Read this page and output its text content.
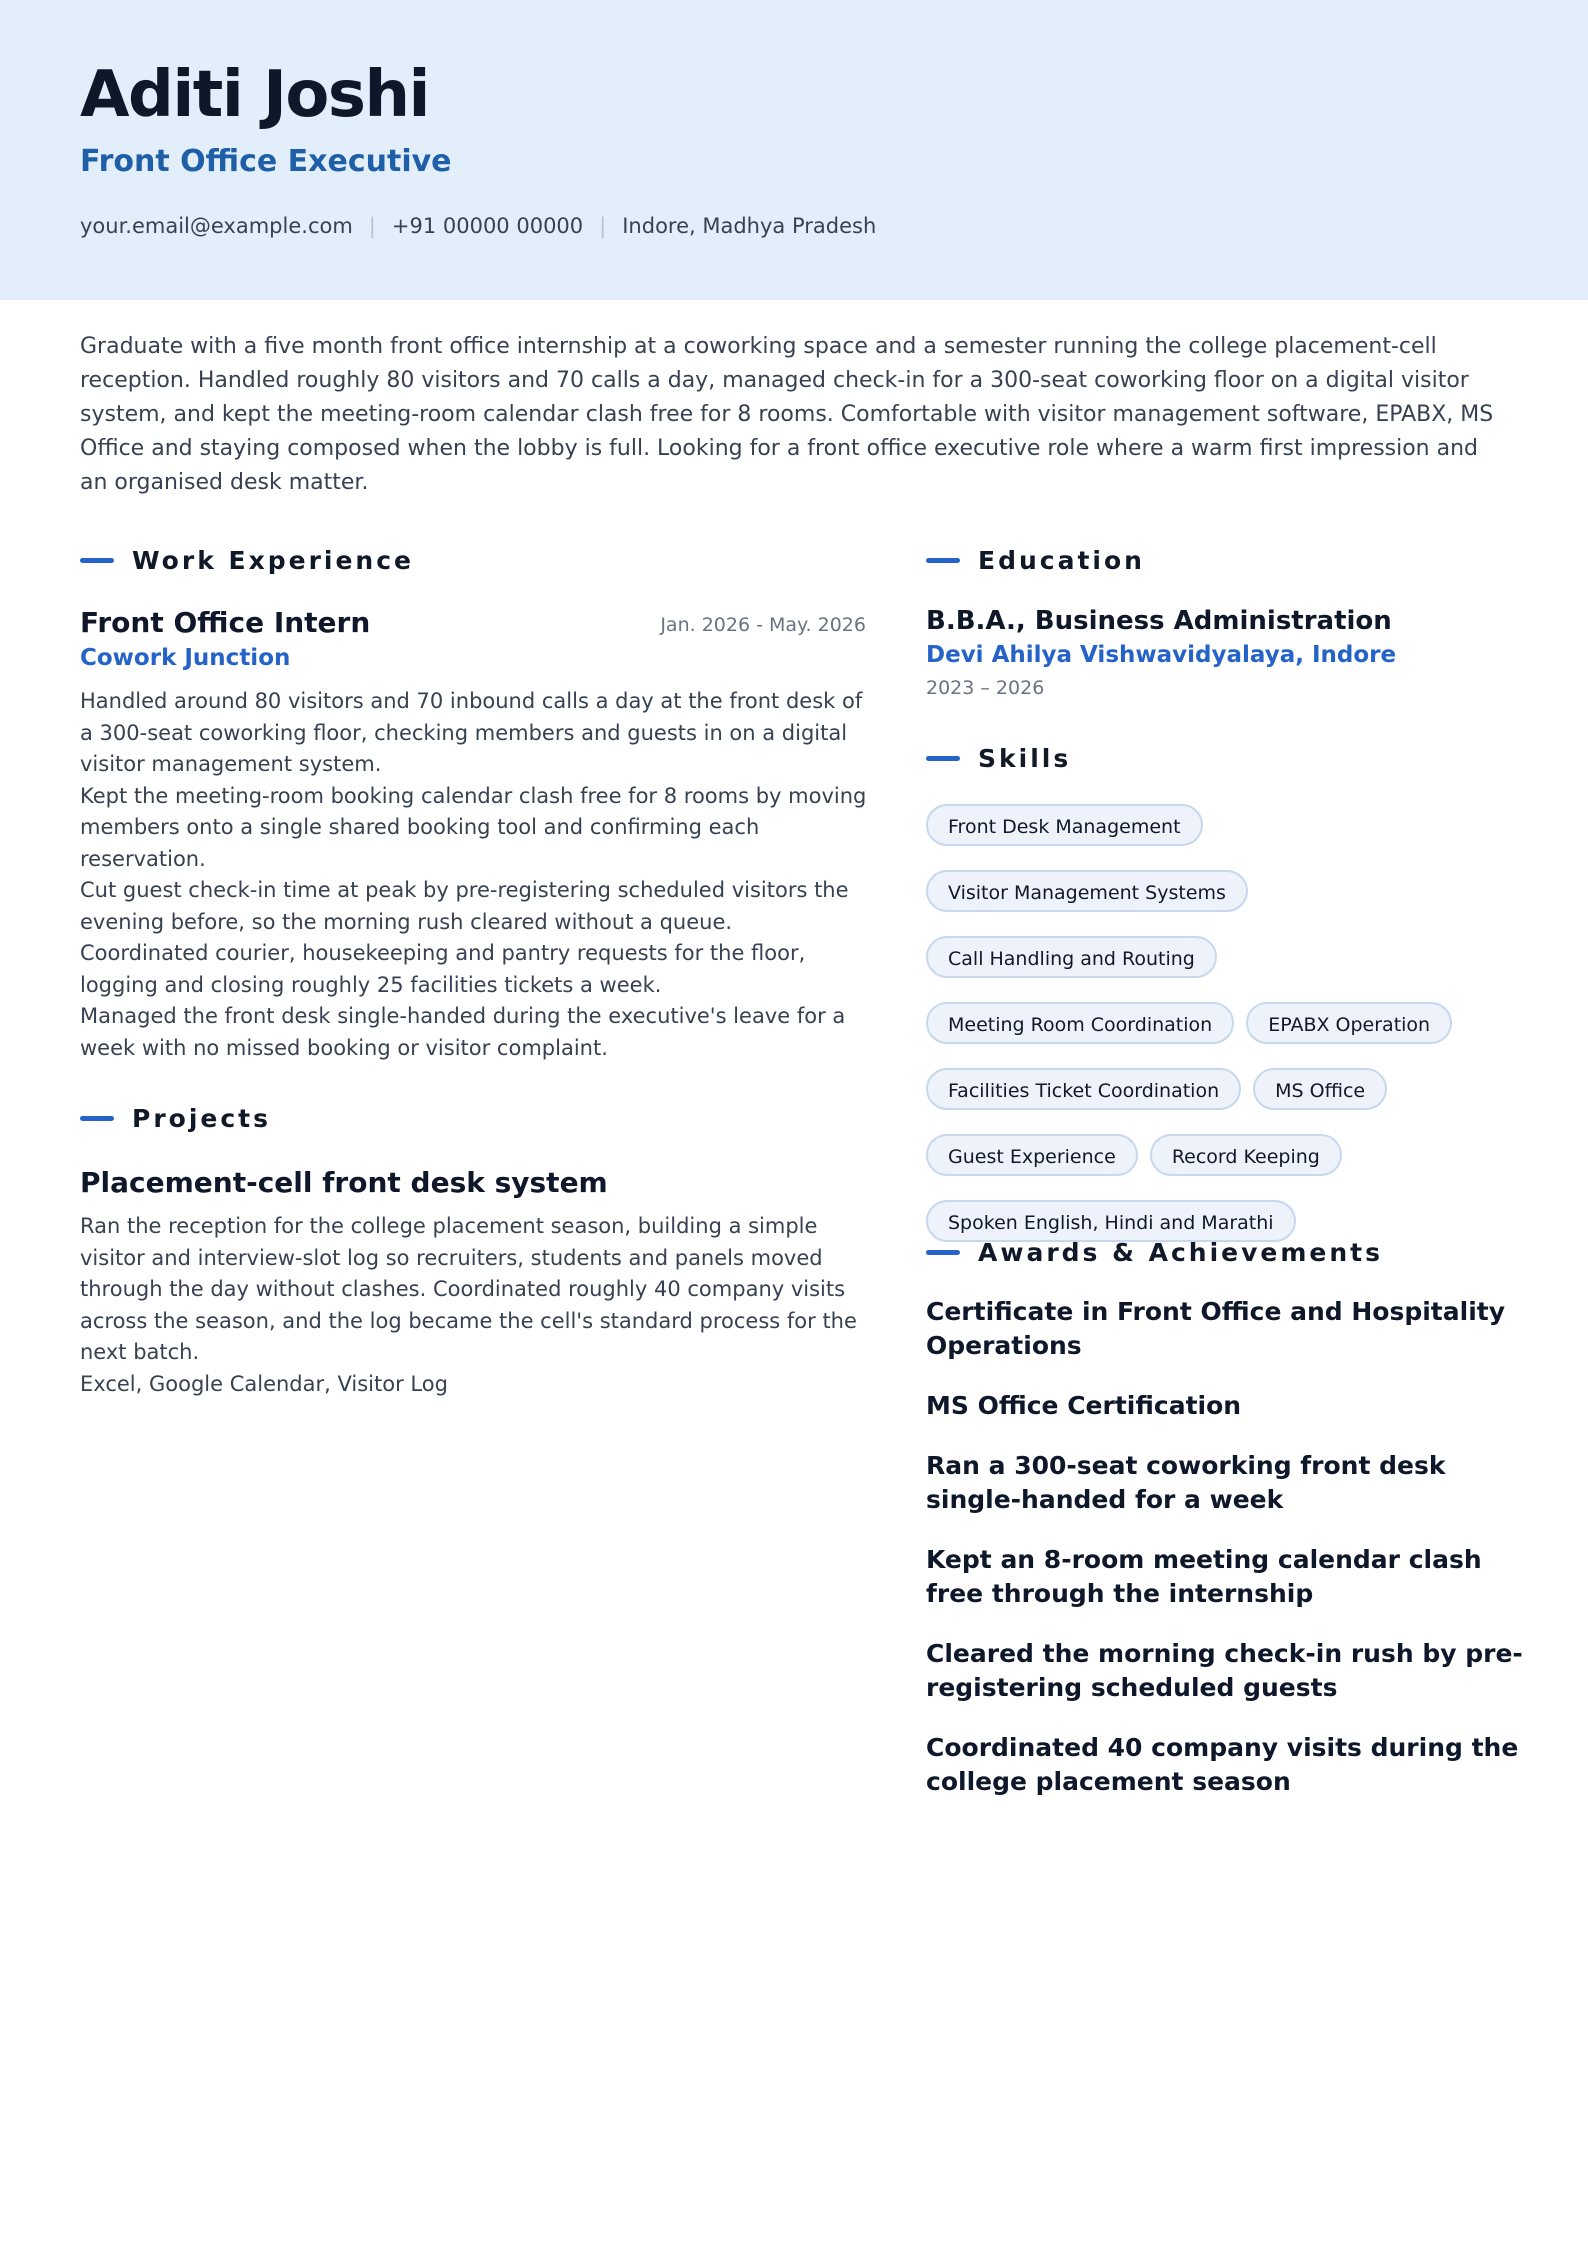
Aditi Joshi
Front Office Executive
your.email@example.com | +91 00000 00000 | Indore, Madhya Pradesh
Graduate with a five month front office internship at a coworking space and a semester running the college placement-cell reception. Handled roughly 80 visitors and 70 calls a day, managed check-in for a 300-seat coworking floor on a digital visitor system, and kept the meeting-room calendar clash free for 8 rooms. Comfortable with visitor management software, EPABX, MS Office and staying composed when the lobby is full. Looking for a front office executive role where a warm first impression and an organised desk matter.
Work Experience
Front Office Intern	Jan. 2026 - May. 2026
Cowork Junction
Handled around 80 visitors and 70 inbound calls a day at the front desk of a 300-seat coworking floor, checking members and guests in on a digital visitor management system.
Kept the meeting-room booking calendar clash free for 8 rooms by moving members onto a single shared booking tool and confirming each reservation.
Cut guest check-in time at peak by pre-registering scheduled visitors the evening before, so the morning rush cleared without a queue.
Coordinated courier, housekeeping and pantry requests for the floor, logging and closing roughly 25 facilities tickets a week.
Managed the front desk single-handed during the executive's leave for a week with no missed booking or visitor complaint.
Projects
Placement-cell front desk system
Ran the reception for the college placement season, building a simple visitor and interview-slot log so recruiters, students and panels moved through the day without clashes. Coordinated roughly 40 company visits across the season, and the log became the cell's standard process for the next batch.
Excel, Google Calendar, Visitor Log
Education
B.B.A., Business Administration
Devi Ahilya Vishwavidyalaya, Indore
2023 – 2026
Skills
Front Desk Management
Visitor Management Systems
Call Handling and Routing
Meeting Room Coordination	EPABX Operation
Facilities Ticket Coordination	MS Office
Guest Experience	Record Keeping
Spoken English, Hindi and Marathi
Awards & Achievements
Certificate in Front Office and Hospitality Operations
MS Office Certification
Ran a 300-seat coworking front desk single-handed for a week
Kept an 8-room meeting calendar clash free through the internship
Cleared the morning check-in rush by pre-registering scheduled guests
Coordinated 40 company visits during the college placement season
